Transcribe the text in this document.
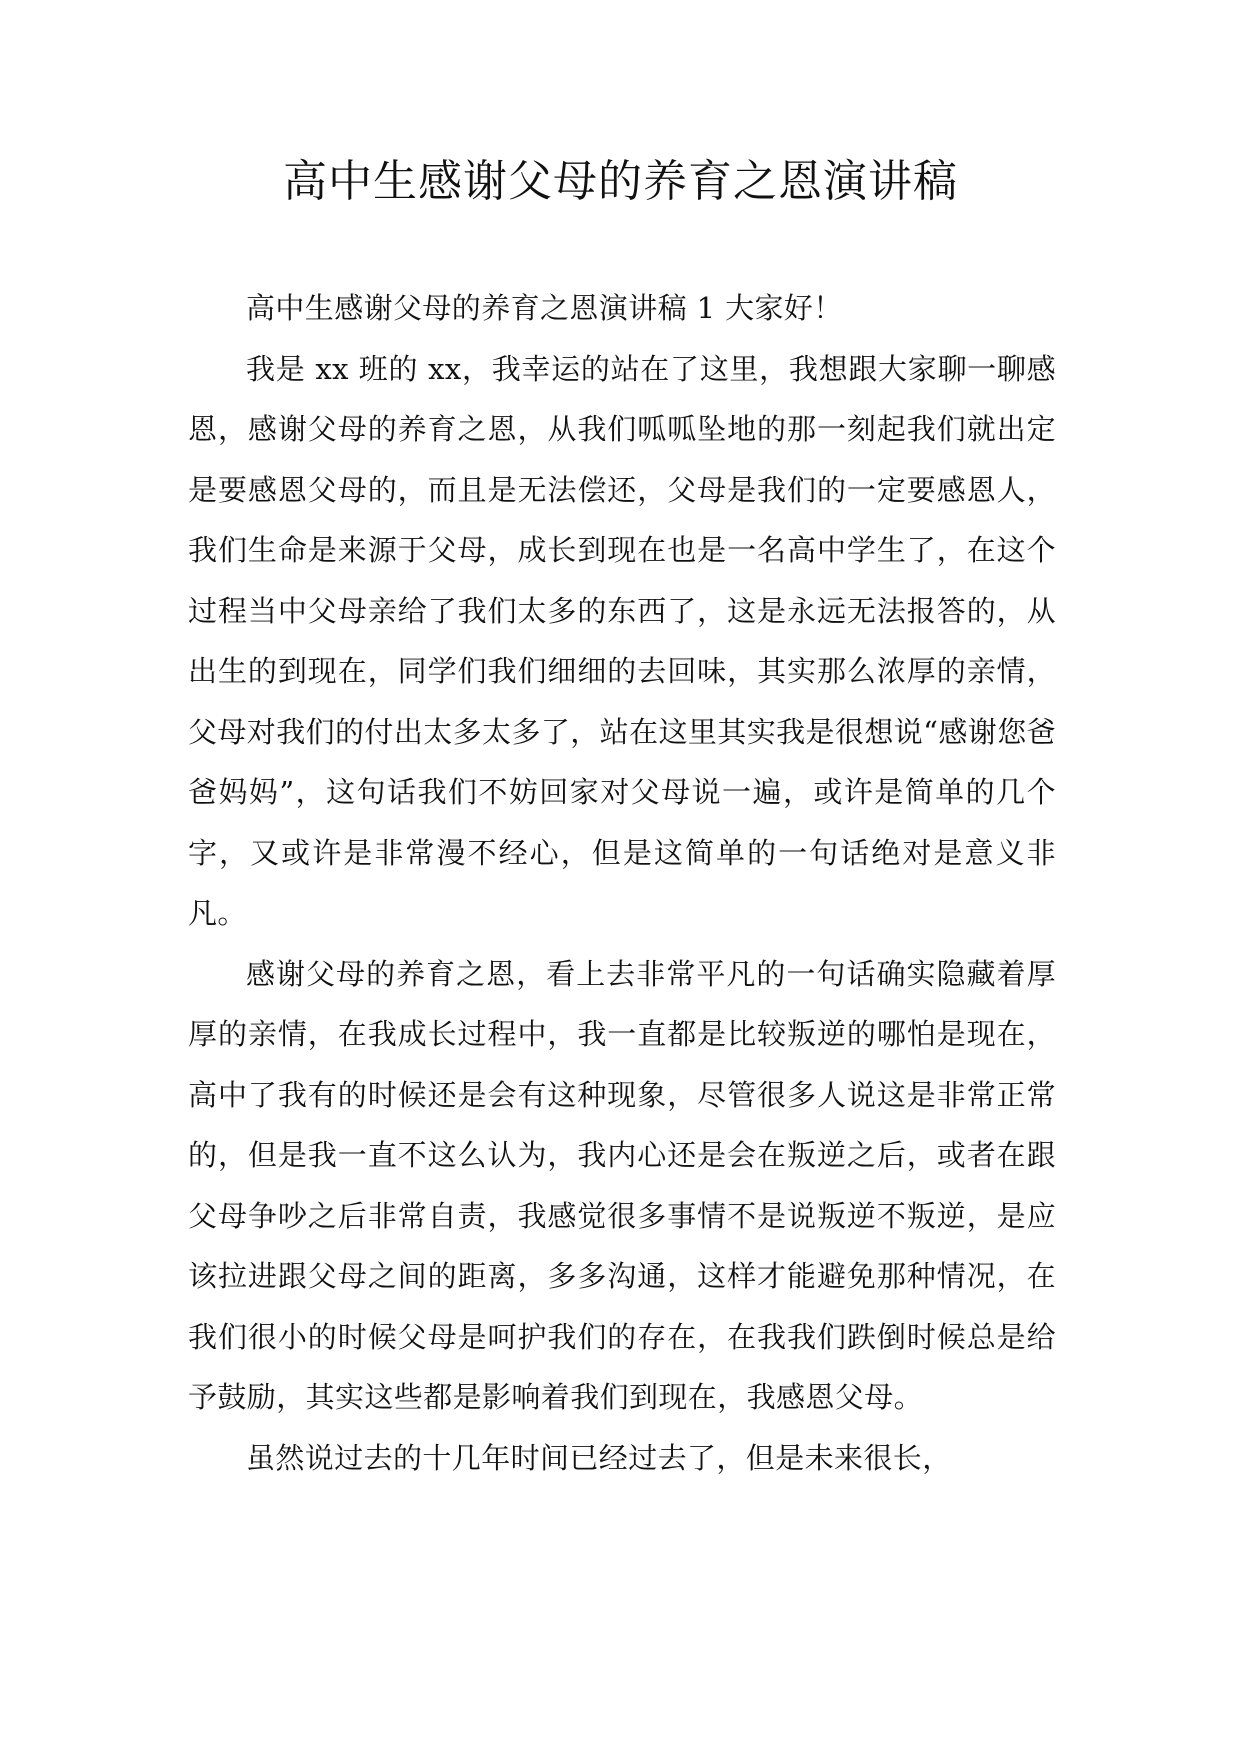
高中生感谢父母的养育之恩演讲稿

高中生感谢父母的养育之恩演讲稿 1 大家好！

我是 xx 班的 xx，我幸运的站在了这里，我想跟大家聊一聊感恩，感谢父母的养育之恩，从我们呱呱坠地的那一刻起我们就出定是要感恩父母的，而且是无法偿还，父母是我们的一定要感恩人，我们生命是来源于父母，成长到现在也是一名高中学生了，在这个过程当中父母亲给了我们太多的东西了，这是永远无法报答的，从出生的到现在，同学们我们细细的去回味，其实那么浓厚的亲情，父母对我们的付出太多太多了，站在这里其实我是很想说“感谢您爸爸妈妈”，这句话我们不妨回家对父母说一遍，或许是简单的几个字，又或许是非常漫不经心，但是这简单的一句话绝对是意义非凡。

感谢父母的养育之恩，看上去非常平凡的一句话确实隐藏着厚厚的亲情，在我成长过程中，我一直都是比较叛逆的哪怕是现在，高中了我有的时候还是会有这种现象，尽管很多人说这是非常正常的，但是我一直不这么认为，我内心还是会在叛逆之后，或者在跟父母争吵之后非常自责，我感觉很多事情不是说叛逆不叛逆，是应该拉进跟父母之间的距离，多多沟通，这样才能避免那种情况，在我们很小的时候父母是呵护我们的存在，在我我们跌倒时候总是给予鼓励，其实这些都是影响着我们到现在，我感恩父母。

虽然说过去的十几年时间已经过去了，但是未来很长，
